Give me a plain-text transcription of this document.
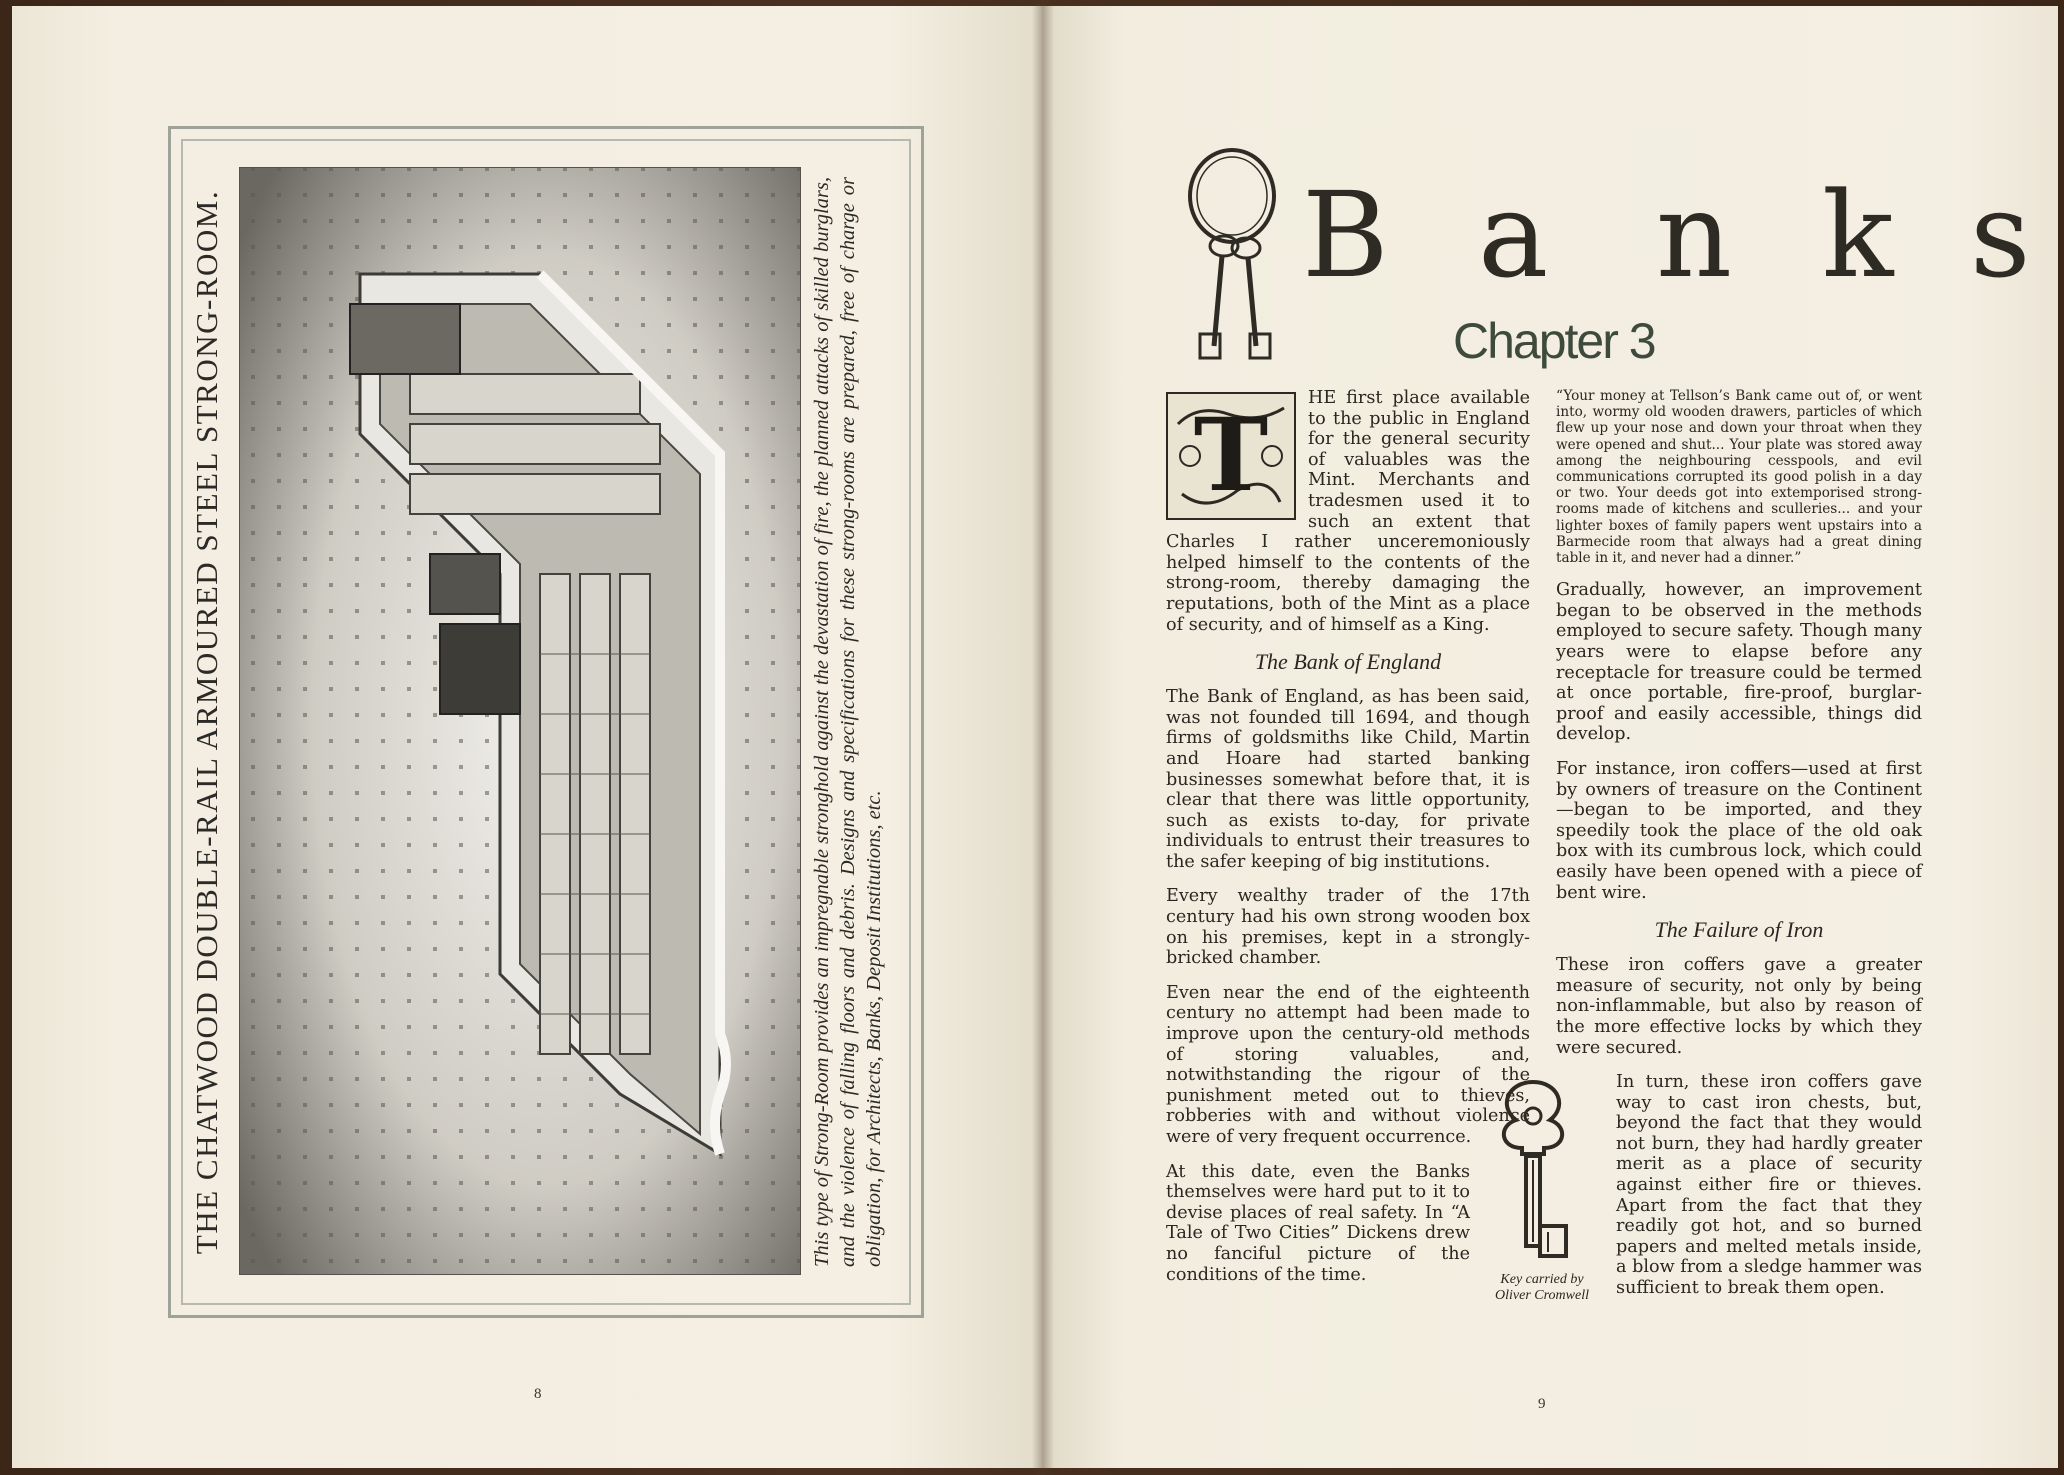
THE CHATWOOD DOUBLE-RAIL ARMOURED STEEL STRONG-ROOM.	This type of Strong-Room provides an impregnable stronghold against the devastation of fire, the planned attacks of skilled burglars, and the violence of falling floors and debris. Designs and specifications for these strong-rooms are prepared, free of charge or obligation, for Architects, Banks, Deposit Institutions, etc.
8
B a n k s
Chapter 3
T	HE first place available to the public in England for the general security of valuables was the Mint. Merchants and tradesmen used it to such an extent that Charles I rather unceremoniously helped himself to the contents of the strong-room, thereby damaging the reputations, both of the Mint as a place of security, and of himself as a King.

The Bank of England

The Bank of England, as has been said, was not founded till 1694, and though firms of goldsmiths like Child, Martin and Hoare had started banking businesses somewhat before that, it is clear that there was little opportunity, such as exists to-day, for private individuals to entrust their treasures to the safer keeping of big institutions.

Every wealthy trader of the 17th century had his own strong wooden box on his premises, kept in a strongly-bricked chamber.

Even near the end of the eighteenth century no attempt had been made to improve upon the century-old methods of storing valuables, and, notwithstanding the rigour of the punishment meted out to thieves, robberies with and without violence were of very frequent occurrence.

At this date, even the Banks themselves were hard put to it to devise places of real safety. In “A Tale of Two Cities” Dickens drew no fanciful picture of the conditions of the time.

“Your money at Tellson’s Bank came out of, or went into, wormy old wooden drawers, particles of which flew up your nose and down your throat when they were opened and shut... Your plate was stored away among the neighbouring cesspools, and evil communications corrupted its good polish in a day or two. Your deeds got into extemporised strong-rooms made of kitchens and sculleries... and your lighter boxes of family papers went upstairs into a Barmecide room that always had a great dining table in it, and never had a dinner.”

Gradually, however, an improvement began to be observed in the methods employed to secure safety. Though many years were to elapse before any receptacle for treasure could be termed at once portable, fire-proof, burglar-proof and easily accessible, things did develop.

For instance, iron coffers—used at first by owners of treasure on the Continent—began to be imported, and they speedily took the place of the old oak box with its cumbrous lock, which could easily have been opened with a piece of bent wire.

The Failure of Iron

These iron coffers gave a greater measure of security, not only by being non-inflammable, but also by reason of the more effective locks by which they were secured.

In turn, these iron coffers gave way to cast iron chests, but, beyond the fact that they would not burn, they had hardly greater merit as a place of security against either fire or thieves. Apart from the fact that they readily got hot, and so burned papers and melted metals inside, a blow from a sledge hammer was sufficient to break them open.

Key carried by Oliver Cromwell
9
